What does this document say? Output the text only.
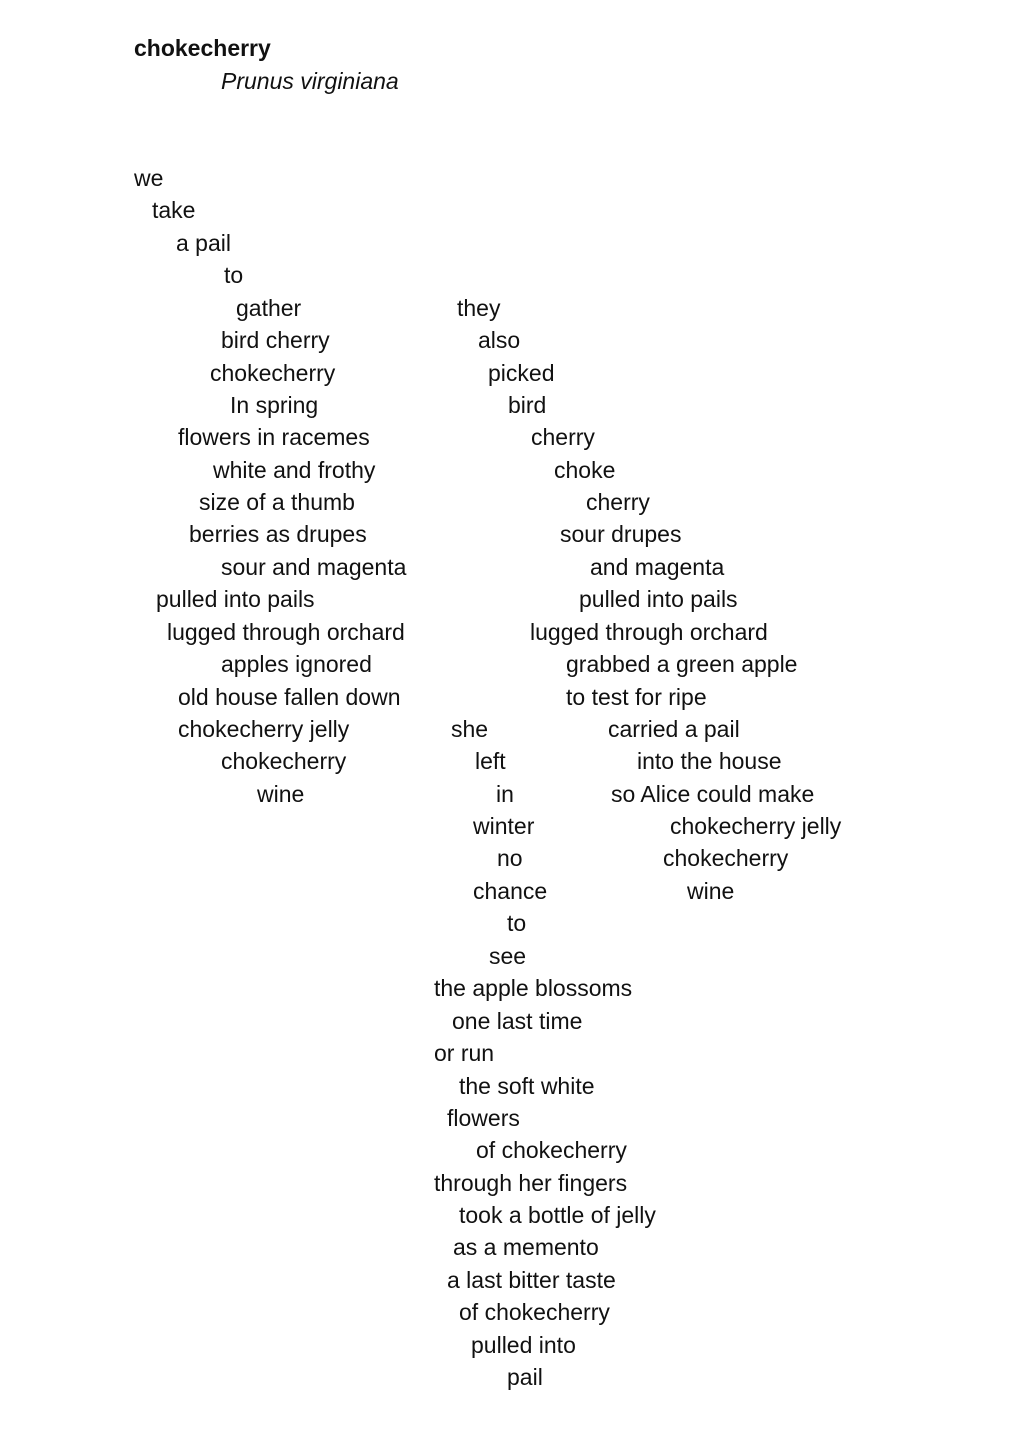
chokecherry
Prunus virginiana
we
take
a pail
to
gather
bird cherry
chokecherry
In spring
flowers in racemes
white and frothy
size of a thumb
berries as drupes
sour and magenta
pulled into pails
lugged through orchard
apples ignored
old house fallen down
chokecherry jelly
chokecherry
wine
they
also
picked
bird
cherry
choke
cherry
sour drupes
and magenta
pulled into pails
lugged through orchard
grabbed a green apple
to test for ripe
carried a pail
into the house
so Alice could make
chokecherry jelly
chokecherry
wine
she
left
in
winter
no
chance
to
see
the apple blossoms
one last time
or run
the soft white
flowers
of chokecherry
through her fingers
took a bottle of jelly
as a memento
a last bitter taste
of chokecherry
pulled into
pail
